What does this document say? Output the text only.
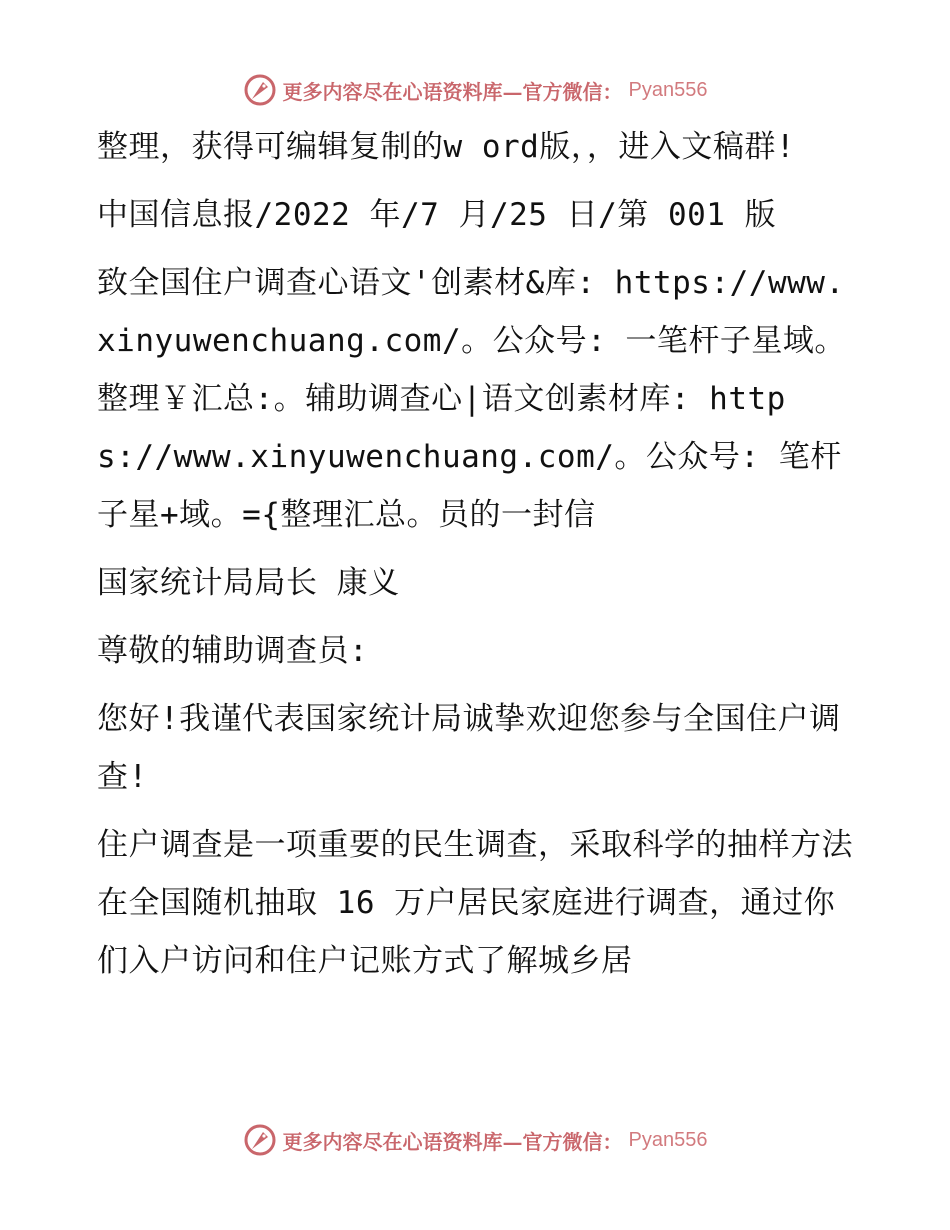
更多内容尽在心语资料库—官方微信： Pyan556

整理，获得可编辑复制的w ord版，，进入文稿群!

中国信息报/2022 年/7 月/25 日/第 001 版

致全国住户调查心语文'创素材&库: https://www.xinyuwenchuang.com/。公众号: 一笔杆子星域。整理￥汇总:。辅助调查心|语文创素材库: https://www.xinyuwenchuang.com/。公众号: 笔杆子星+域。={整理汇总。员的一封信

国家统计局局长 康义

尊敬的辅助调查员:

您好!我谨代表国家统计局诚挚欢迎您参与全国住户调查!

住户调查是一项重要的民生调查，采取科学的抽样方法在全国随机抽取 16 万户居民家庭进行调查，通过你们入户访问和住户记账方式了解城乡居

更多内容尽在心语资料库—官方微信： Pyan556
